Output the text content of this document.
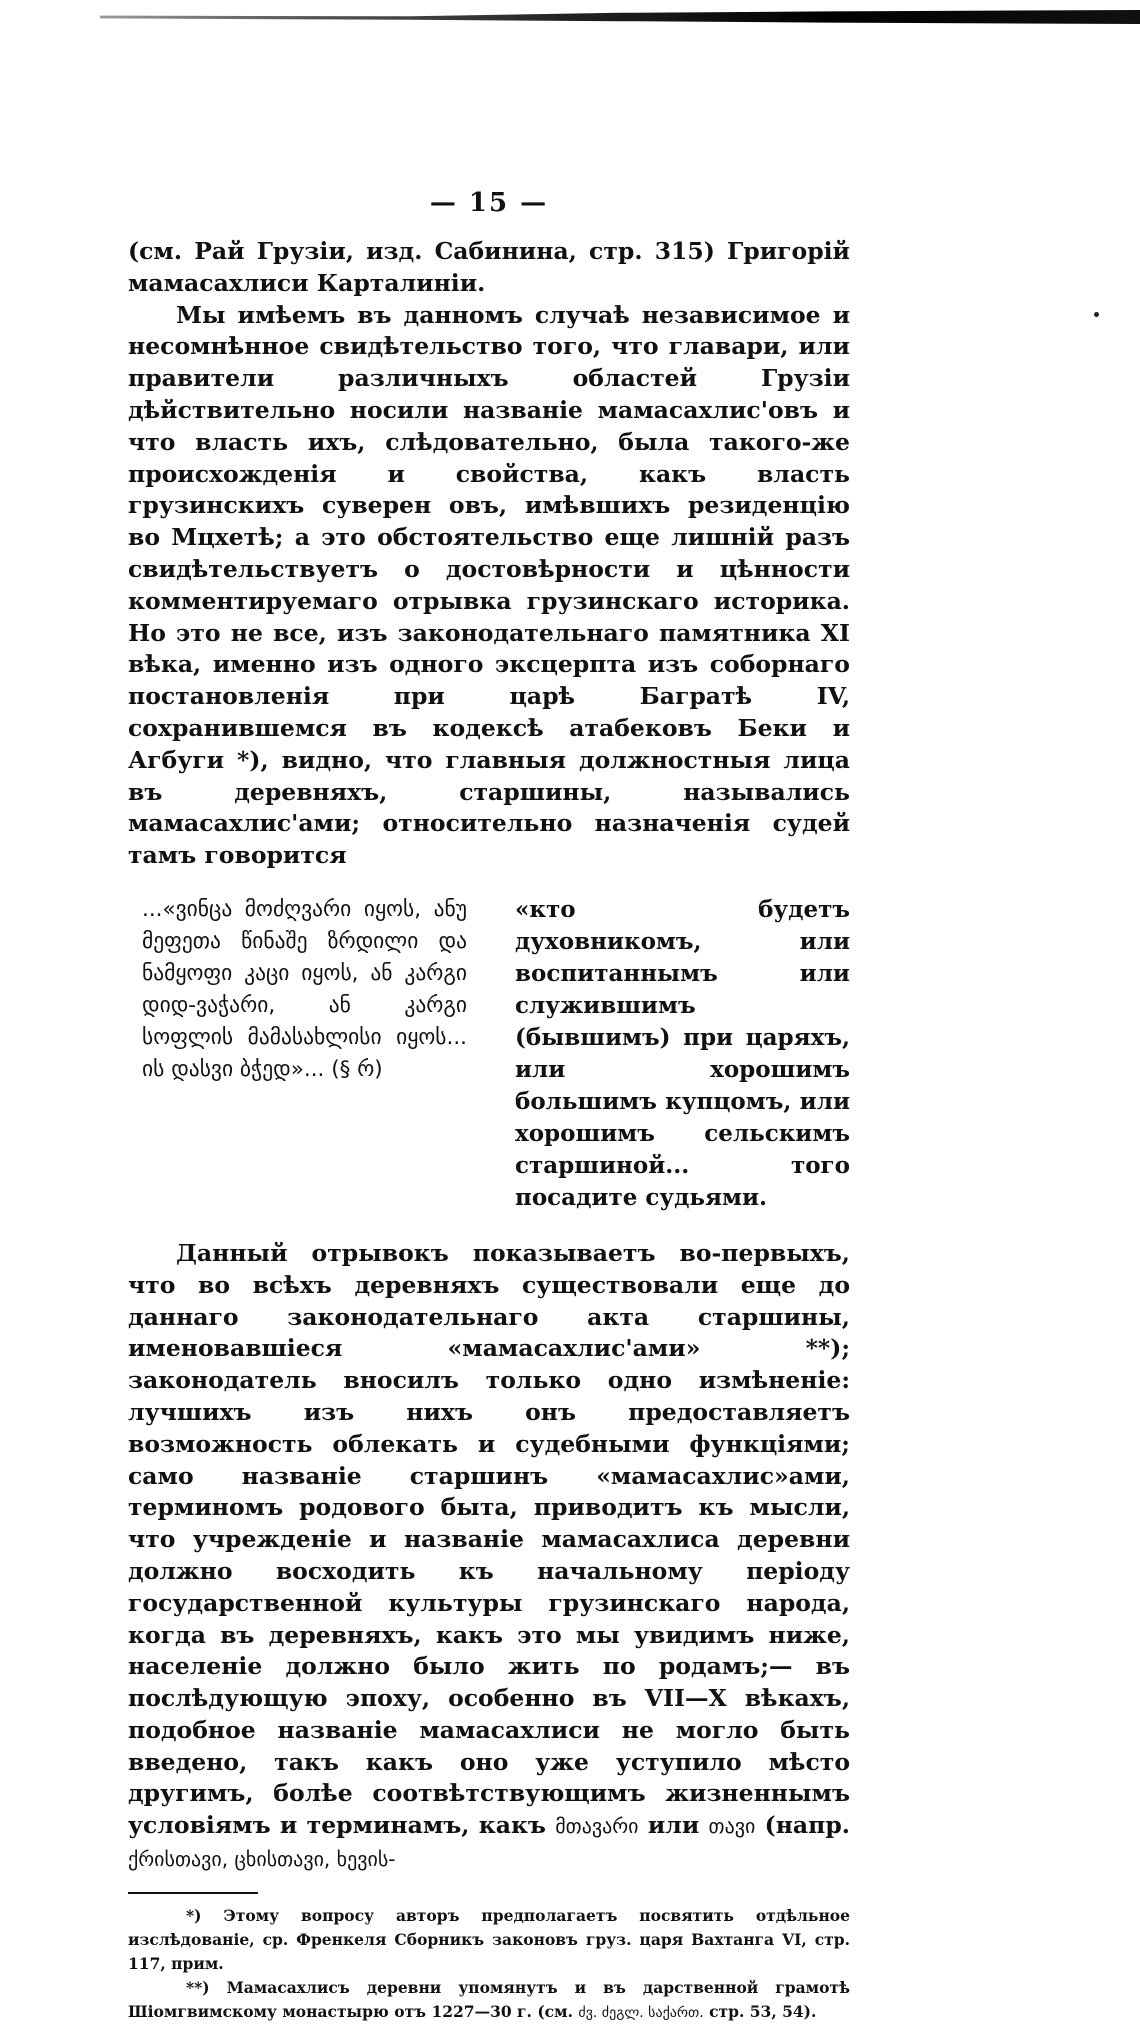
— 15 —

(см. Рай Грузіи, изд. Сабинина, стр. 315) Григорій мамасахлиси Карталиніи.

Мы имѣемъ въ данномъ случаѣ независимое и несомнѣнное свидѣтельство того, что главари, или правители различныхъ областей Грузіи дѣйствительно носили названіе мамасахлис'овъ и что власть ихъ, слѣдовательно, была такого-же происхожденія и свойства, какъ власть грузинскихъ суверен овъ, имѣвшихъ резиденцію во Мцхетѣ; а это обстоятельство еще лишній разъ свидѣтельствуетъ о достовѣрности и цѣнности комментируемаго отрывка грузинскаго историка. Но это не все, изъ законодательнаго памятника XI вѣка, именно изъ одного эксцерпта изъ соборнаго постановленія при царѣ Багратѣ IV, сохранившемся въ кодексѣ атабековъ Беки и Агбуги *), видно, что главныя должностныя лица въ деревняхъ, старшины, назывались мамасахлис'ами; относительно назначенія судей тамъ говорится

...«ვინცა მოძღვარი იყოს, ანუ მეფეთა წინაშე ზრდილი და ნამყოფი კაცი იყოს, ან კარგი დიდ-ვაჭარი, ან კარგი სოფლის მამასახლისი იყოს... ის დასვი ბჭედ»... (§ რ)
«кто будетъ духовникомъ, или воспитаннымъ или служившимъ (бывшимъ) при царяхъ, или хорошимъ большимъ купцомъ, или хорошимъ сельскимъ старшиной... того посадите судьями.

Данный отрывокъ показываетъ во-первыхъ, что во всѣхъ деревняхъ существовали еще до даннаго законодательнаго акта старшины, именовавшіеся «мамасахлис'ами» **); законодатель вносилъ только одно измѣненіе: лучшихъ изъ нихъ онъ предоставляетъ возможность облекать и судебными функціями; само названіе старшинъ «мамасахлис»ами, терминомъ родового быта, приводитъ къ мысли, что учрежденіе и названіе мамасахлиса деревни должно восходить къ начальному періоду государственной культуры грузинскаго народа, когда въ деревняхъ, какъ это мы увидимъ ниже, населеніе должно было жить по родамъ;— въ послѣдующую эпоху, особенно въ VII—X вѣкахъ, подобное названіе мамасахлиси не могло быть введено, такъ какъ оно уже уступило мѣсто другимъ, болѣе соотвѣтствующимъ жизненнымъ условіямъ и терминамъ, какъ მთავარი или თავი (напр. ქრისთავი, ცხისთავი, ხევის-

*) Этому вопросу авторъ предполагаетъ посвятить отдѣльное изслѣдованіе, ср. Френкеля Сборникъ законовъ груз. царя Вахтанга VI, стр. 117, прим.

**) Мамасахлисъ деревни упомянутъ и въ дарственной грамотѣ Шіомгвимскому монастырю отъ 1227—30 г. (см. ძვ. ძეგლ. საქართ. стр. 53, 54).
